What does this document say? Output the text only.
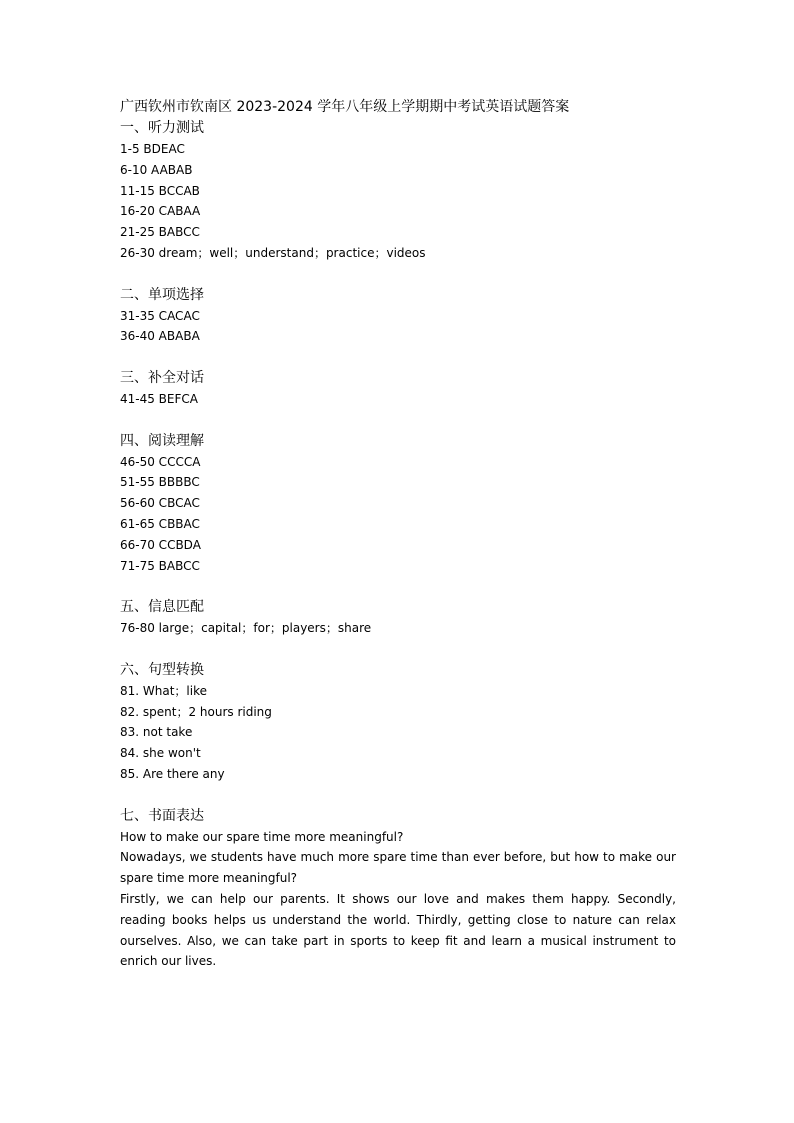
广西钦州市钦南区 2023-2024 学年八年级上学期期中考试英语试题答案
一、听力测试
1-5 BDEAC
6-10 AABAB
11-15 BCCAB
16-20 CABAA
21-25 BABCC
26-30 dream；well；understand；practice；videos
二、单项选择
31-35 CACAC
36-40 ABABA
三、补全对话
41-45 BEFCA
四、阅读理解
46-50 CCCCA
51-55 BBBBC
56-60 CBCAC
61-65 CBBAC
66-70 CCBDA
71-75 BABCC
五、信息匹配
76-80 large；capital；for；players；share
六、句型转换
81. What；like
82. spent；2 hours riding
83. not take
84. she won't
85. Are there any
七、书面表达
How to make our spare time more meaningful?

Nowadays, we students have much more spare time than ever before, but how to make our spare time more meaningful?

Firstly, we can help our parents. It shows our love and makes them happy. Secondly, reading books helps us understand the world. Thirdly, getting close to nature can relax ourselves. Also, we can take part in sports to keep fit and learn a musical instrument to enrich our lives.
